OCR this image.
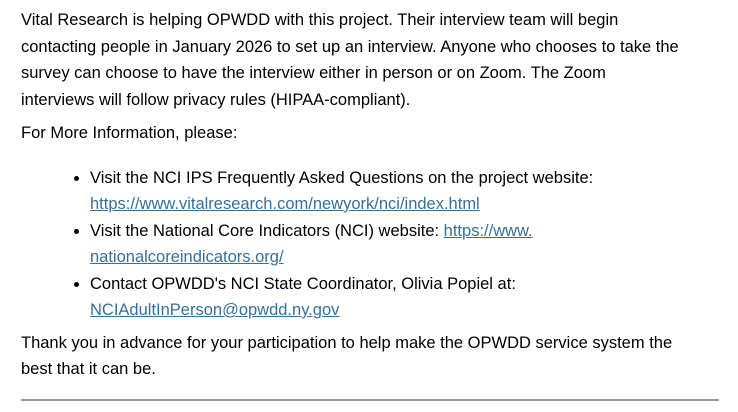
Vital Research is helping OPWDD with this project. Their interview team will begin
contacting people in January 2026 to set up an interview. Anyone who chooses to take the
survey can choose to have the interview either in person or on Zoom. The Zoom
interviews will follow privacy rules (HIPAA-compliant).

For More Information, please:

• Visit the NCI IPS Frequently Asked Questions on the project website:
https://www.vitalresearch.com/newyork/nci/index.html
• Visit the National Core Indicators (NCI) website: https://www.
nationalcoreindicators.org/
• Contact OPWDD's NCI State Coordinator, Olivia Popiel at:
NCIAdultInPerson@opwdd.ny.gov

Thank you in advance for your participation to help make the OPWDD service system the
best that it can be.
